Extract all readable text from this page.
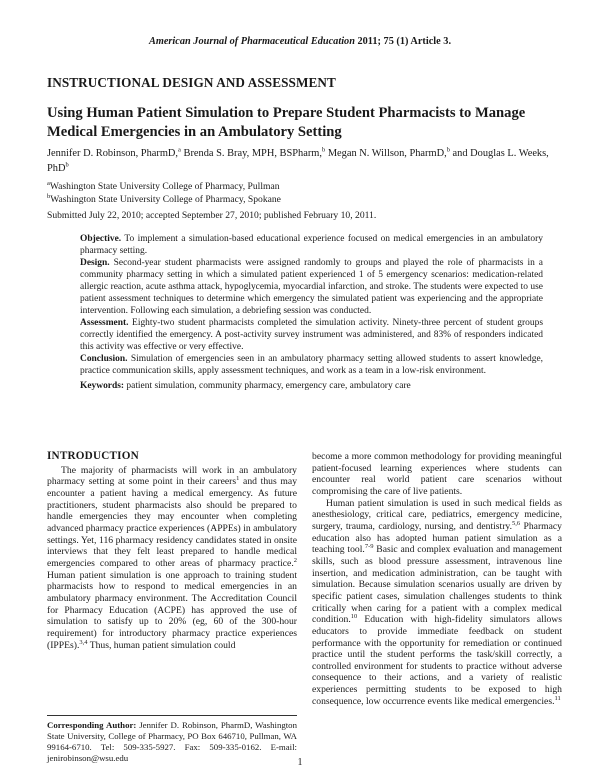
American Journal of Pharmaceutical Education 2011; 75 (1) Article 3.
INSTRUCTIONAL DESIGN AND ASSESSMENT
Using Human Patient Simulation to Prepare Student Pharmacists to Manage Medical Emergencies in an Ambulatory Setting
Jennifer D. Robinson, PharmD,$^a$ Brenda S. Bray, MPH, BSPharm,$^b$ Megan N. Willson, PharmD,$^b$ and Douglas L. Weeks, PhD$^b$
$^a$Washington State University College of Pharmacy, Pullman
$^b$Washington State University College of Pharmacy, Spokane
Submitted July 22, 2010; accepted September 27, 2010; published February 10, 2011.

Objective. To implement a simulation-based educational experience focused on medical emergencies in an ambulatory pharmacy setting.

Design. Second-year student pharmacists were assigned randomly to groups and played the role of pharmacists in a community pharmacy setting in which a simulated patient experienced 1 of 5 emergency scenarios: medication-related allergic reaction, acute asthma attack, hypoglycemia, myocardial infarction, and stroke. The students were expected to use patient assessment techniques to determine which emergency the simulated patient was experiencing and the appropriate intervention. Following each simulation, a debriefing session was conducted.

Assessment. Eighty-two student pharmacists completed the simulation activity. Ninety-three percent of student groups correctly identified the emergency. A post-activity survey instrument was administered, and 83% of responders indicated this activity was effective or very effective.

Conclusion. Simulation of emergencies seen in an ambulatory pharmacy setting allowed students to assert knowledge, practice communication skills, apply assessment techniques, and work as a team in a low-risk environment.

Keywords: patient simulation, community pharmacy, emergency care, ambulatory care

INTRODUCTION

The majority of pharmacists will work in an ambulatory pharmacy setting at some point in their careers$^1$ and thus may encounter a patient having a medical emergency. As future practitioners, student pharmacists also should be prepared to handle emergencies they may encounter when completing advanced pharmacy practice experiences (APPEs) in ambulatory settings. Yet, 116 pharmacy residency candidates stated in onsite interviews that they felt least prepared to handle medical emergencies compared to other areas of pharmacy practice.$^2$ Human patient simulation is one approach to training student pharmacists how to respond to medical emergencies in an ambulatory pharmacy environment. The Accreditation Council for Pharmacy Education (ACPE) has approved the use of simulation to satisfy up to 20% (eg, 60 of the 300-hour requirement) for introductory pharmacy practice experiences (IPPEs).$^{3,4}$ Thus, human patient simulation could

become a more common methodology for providing meaningful patient-focused learning experiences where students can encounter real world patient care scenarios without compromising the care of live patients.

Human patient simulation is used in such medical fields as anesthesiology, critical care, pediatrics, emergency medicine, surgery, trauma, cardiology, nursing, and dentistry.$^{5,6}$ Pharmacy education also has adopted human patient simulation as a teaching tool.$^{7-9}$ Basic and complex evaluation and management skills, such as blood pressure assessment, intravenous line insertion, and medication administration, can be taught with simulation. Because simulation scenarios usually are driven by specific patient cases, simulation challenges students to think critically when caring for a patient with a complex medical condition.$^{10}$ Education with high-fidelity simulators allows educators to provide immediate feedback on student performance with the opportunity for remediation or continued practice until the student performs the task/skill correctly, a controlled environment for students to practice without adverse consequence to their actions, and a variety of realistic experiences permitting students to be exposed to high consequence, low occurrence events like medical emergencies.$^{11}$

Corresponding Author: Jennifer D. Robinson, PharmD, Washington State University, College of Pharmacy, PO Box 646710, Pullman, WA 99164-6710. Tel: 509-335-5927. Fax: 509-335-0162. E-mail: jenirobinson@wsu.edu	1
